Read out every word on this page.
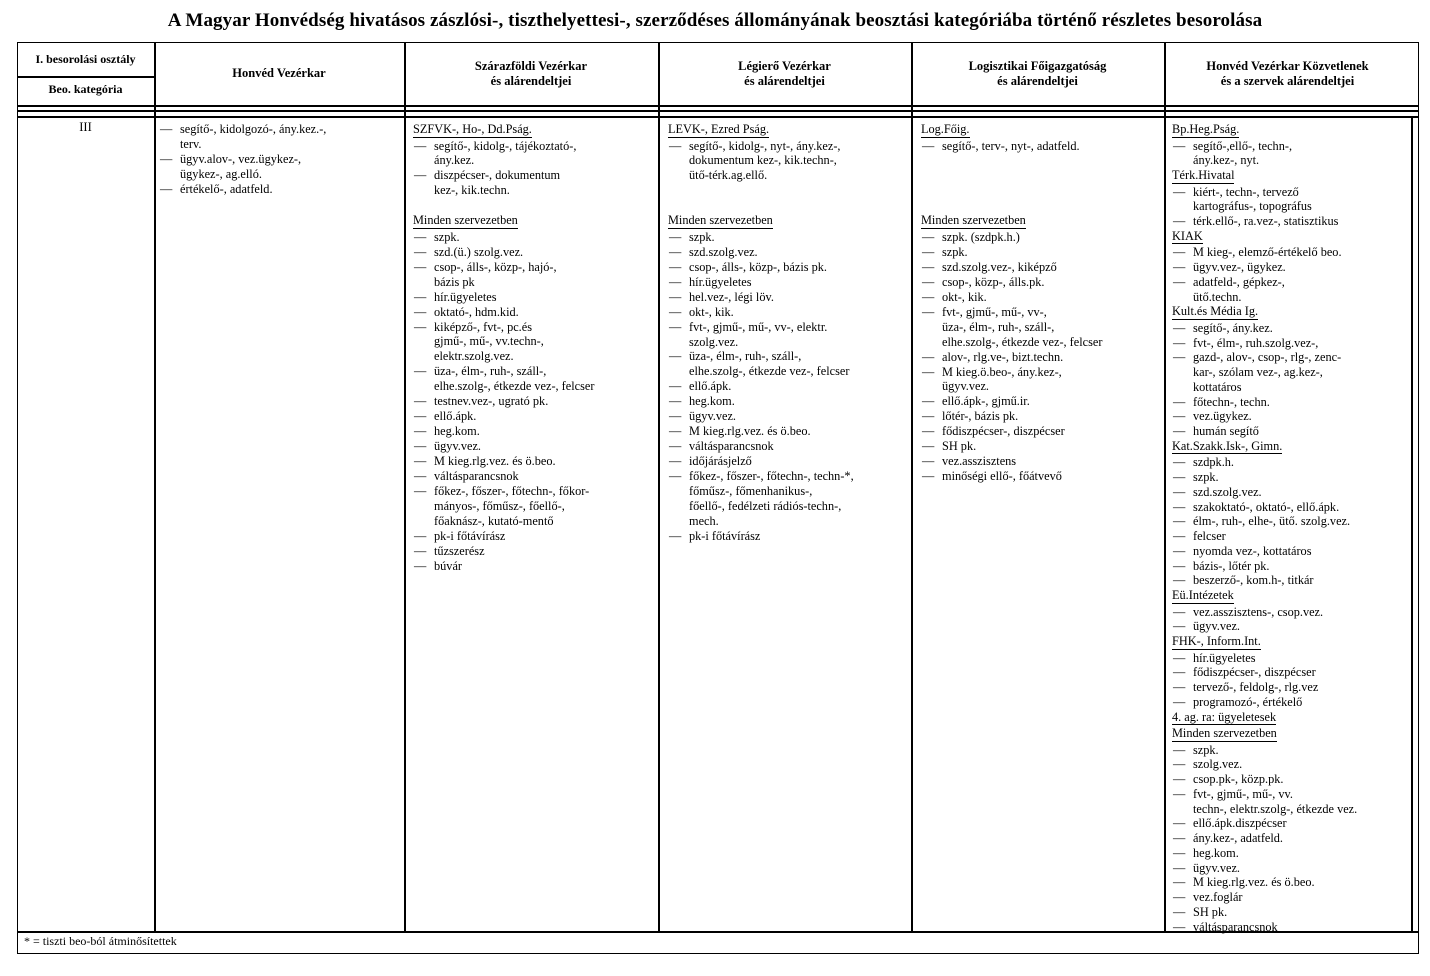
A Magyar Honvédség hivatásos zászlósi-, tiszthelyettesi-, szerződéses állományának beosztási kategóriába történő részletes besorolása
I. besorolási osztály
Beo. kategória
Honvéd Vezérkar	Szárazföldi Vezérkar
és alárendeltjei
Légierő Vezérkar
és alárendeltjei
Logisztikai Főigazgatóság
és alárendeltjei
Honvéd Vezérkar Közvetlenek
és a szervek alárendeltjei
III	— segítő-, kidolgozó-, ány.kez.-,
terv.
— ügyv.alov-, vez.ügykez-,
ügykez-, ag.elló.
— értékelő-, adatfeld.
SZFVK-, Ho-, Dd.Pság.
— segítő-, kidolg-, tájékoztató-,
ány.kez.
— diszpécser-, dokumentum
kez-, kik.techn.
Minden szervezetben
— szpk.
— szd.(ü.) szolg.vez.
— csop-, álls-, közp-, hajó-,
bázis pk
— hír.ügyeletes
— oktató-, hdm.kid.
— kiképző-, fvt-, pc.és
gjmű-, mű-, vv.techn-,
elektr.szolg.vez.
— üza-, élm-, ruh-, száll-,
elhe.szolg-, étkezde vez-, felcser
— testnev.vez-, ugrató pk.
— ellő.ápk.
— heg.kom.
— ügyv.vez.
— M kieg.rlg.vez. és ö.beo.
— váltásparancsnok
— főkez-, főszer-, főtechn-, főkor-
mányos-, főműsz-, főellő-,
főaknász-, kutató-mentő
— pk-i főtávírász
— tűzszerész
— búvár
LEVK-, Ezred Pság.
— segítő-, kidolg-, nyt-, ány.kez-,
dokumentum kez-, kik.techn-,
ütő-térk.ag.ellő.
Minden szervezetben
— szpk.
— szd.szolg.vez.
— csop-, álls-, közp-, bázis pk.
— hír.ügyeletes
— hel.vez-, légi löv.
— okt-, kik.
— fvt-, gjmű-, mű-, vv-, elektr.
szolg.vez.
— üza-, élm-, ruh-, száll-,
elhe.szolg-, étkezde vez-, felcser
— ellő.ápk.
— heg.kom.
— ügyv.vez.
— M kieg.rlg.vez. és ö.beo.
— váltásparancsnok
— időjárásjelző
— főkez-, főszer-, főtechn-, techn-*,
főműsz-, főmenhanikus-,
főellő-, fedélzeti rádiós-techn-,
mech.
— pk-i főtávírász
Log.Főig.
— segítő-, terv-, nyt-, adatfeld.
Minden szervezetben
— szpk. (szdpk.h.)
— szpk.
— szd.szolg.vez-, kiképző
— csop-, közp-, álls.pk.
— okt-, kik.
— fvt-, gjmű-, mű-, vv-,
üza-, élm-, ruh-, száll-,
elhe.szolg-, étkezde vez-, felcser
— alov-, rlg.ve-, bizt.techn.
— M kieg.ö.beo-, ány.kez-,
ügyv.vez.
— ellő.ápk-, gjmű.ir.
— lőtér-, bázis pk.
— fődiszpécser-, diszpécser
— SH pk.
— vez.asszisztens
— minőségi ellő-, főátvevő
Bp.Heg.Pság.
— segítő-,ellő-, techn-,
ány.kez-, nyt.
Térk.Hivatal
— kiért-, techn-, tervező
kartográfus-, topográfus
— térk.ellő-, ra.vez-, statisztikus
KIAK
— M kieg-, elemző-értékelő beo.
— ügyv.vez-, ügykez.
— adatfeld-, gépkez-,
ütő.techn.
Kult.és Média Ig.
— segítő-, ány.kez.
— fvt-, élm-, ruh.szolg.vez-,
— gazd-, alov-, csop-, rlg-, zenc-
kar-, szólam vez-, ag.kez-,
kottatáros
— főtechn-, techn.
— vez.ügykez.
— humán segítő
Kat.Szakk.Isk-, Gimn.
— szdpk.h.
— szpk.
— szd.szolg.vez.
— szakoktató-, oktató-, ellő.ápk.
— élm-, ruh-, elhe-, ütő. szolg.vez.
— felcser
— nyomda vez-, kottatáros
— bázis-, lőtér pk.
— beszerző-, kom.h-, titkár
Eü.Intézetek
— vez.asszisztens-, csop.vez.
— ügyv.vez.
FHK-, Inform.Int.
— hír.ügyeletes
— fődiszpécser-, diszpécser
— tervező-, feldolg-, rlg.vez
— programozó-, értékelő
4. ag. ra: ügyeletesek
Minden szervezetben
— szpk.
— szolg.vez.
— csop.pk-, közp.pk.
— fvt-, gjmű-, mű-, vv.
techn-, elektr.szolg-, étkezde vez.
— ellő.ápk.diszpécser
— ány.kez-, adatfeld.
— heg.kom.
— ügyv.vez.
— M kieg.rlg.vez. és ö.beo.
— vez.foglár
— SH pk.
— váltásparancsnok
* = tiszti beo-ból átminősítettek
